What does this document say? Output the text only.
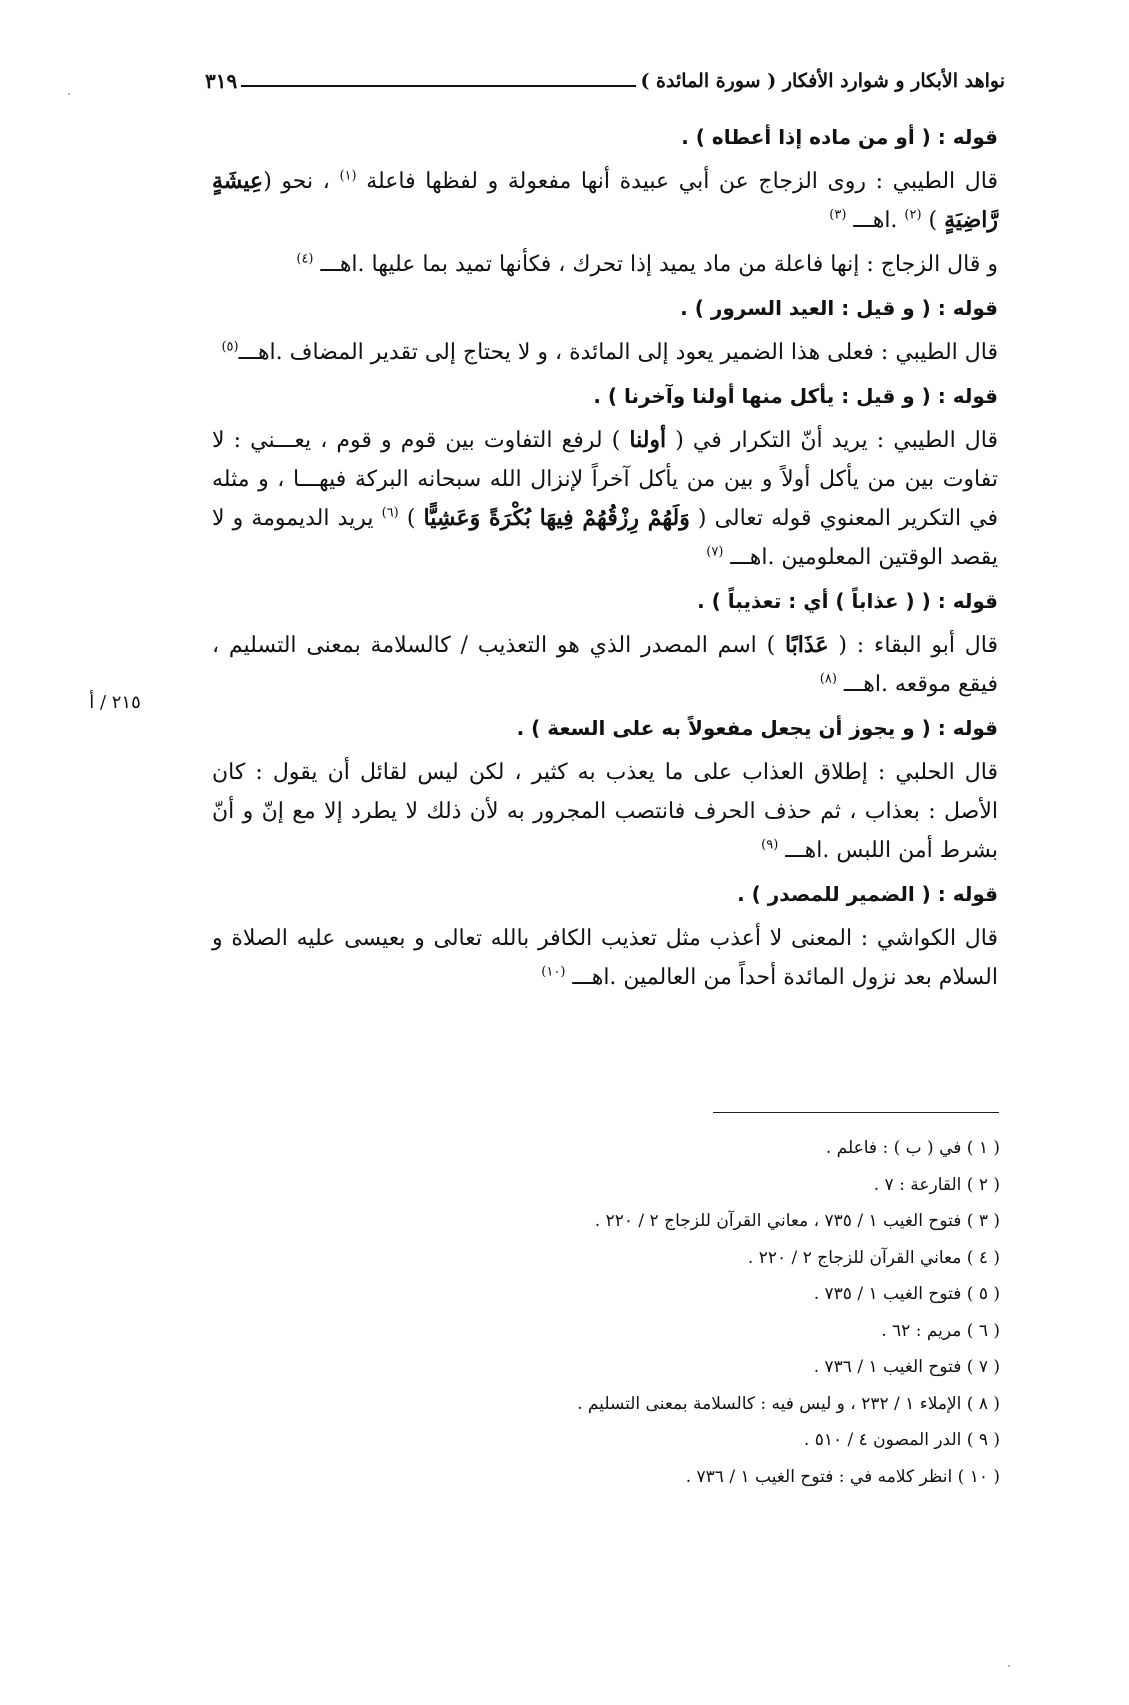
نواهد الأبكار و شوارد الأفكار ( سورة المائدة )
٣١٩

قوله : ( أو من ماده إذا أعطاه ) .

قال الطيبي : روى الزجاج عن أبي عبيدة أنها مفعولة و لفظها فاعلة $^{(١)}$ ، نحو (عِيشَةٍ رَّاضِيَةٍ ) $^{(٢)}$ .اهـــ $^{(٣)}$

و قال الزجاج : إنها فاعلة من ماد يميد إذا تحرك ، فكأنها تميد بما عليها .اهـــ $^{(٤)}$

قوله : ( و قيل : العيد السرور ) .

قال الطيبي : فعلى هذا الضمير يعود إلى المائدة ، و لا يحتاج إلى تقدير المضاف .اهـــ$^{(٥)}$

قوله : ( و قيل : يأكل منها أولنا وآخرنا ) .

قال الطيبي : يريد أنّ التكرار في ( أولنا ) لرفع التفاوت بين قوم و قوم ، يعـــني : لا تفاوت بين من يأكل أولاً و بين من يأكل آخراً لإنزال الله سبحانه البركة فيهـــا ، و مثله في التكرير المعنوي قوله تعالى ( وَلَهُمْ رِزْقُهُمْ فِيهَا بُكْرَةً وَعَشِيًّا ) $^{(٦)}$ يريد الديمومة و لا يقصد الوقتين المعلومين .اهـــ $^{(٧)}$

قوله : ( ( عذاباً ) أي : تعذيباً ) .

قال أبو البقاء : ( عَذَابًا ) اسم المصدر الذي هو التعذيب / كالسلامة بمعنى التسليم ، فيقع موقعه .اهـــ $^{(٨)}$

قوله : ( و يجوز أن يجعل مفعولاً به على السعة ) .

قال الحلبي : إطلاق العذاب على ما يعذب به كثير ، لكن ليس لقائل أن يقول : كان الأصل : بعذاب ، ثم حذف الحرف فانتصب المجرور به لأن ذلك لا يطرد إلا مع إنّ و أنّ بشرط أمن اللبس .اهـــ $^{(٩)}$

قوله : ( الضمير للمصدر ) .

قال الكواشي : المعنى لا أعذب مثل تعذيب الكافر بالله تعالى و بعيسى عليه الصلاة و السلام بعد نزول المائدة أحداً من العالمين .اهـــ $^{(١٠)}$

٢١٥ / أ
( ١ ) في ( ب ) : فاعلم .
( ٢ ) القارعة : ٧ .
( ٣ ) فتوح الغيب ١ / ٧٣٥ ، معاني القرآن للزجاج ٢ / ٢٢٠ .
( ٤ ) معاني القرآن للزجاج ٢ / ٢٢٠ .
( ٥ ) فتوح الغيب ١ / ٧٣٥ .
( ٦ ) مريم : ٦٢ .
( ٧ ) فتوح الغيب ١ / ٧٣٦ .
( ٨ ) الإملاء ١ / ٢٣٢ ، و ليس فيه : كالسلامة بمعنى التسليم .
( ٩ ) الدر المصون ٤ / ٥١٠ .
( ١٠ ) انظر كلامه في : فتوح الغيب ١ / ٧٣٦ .
